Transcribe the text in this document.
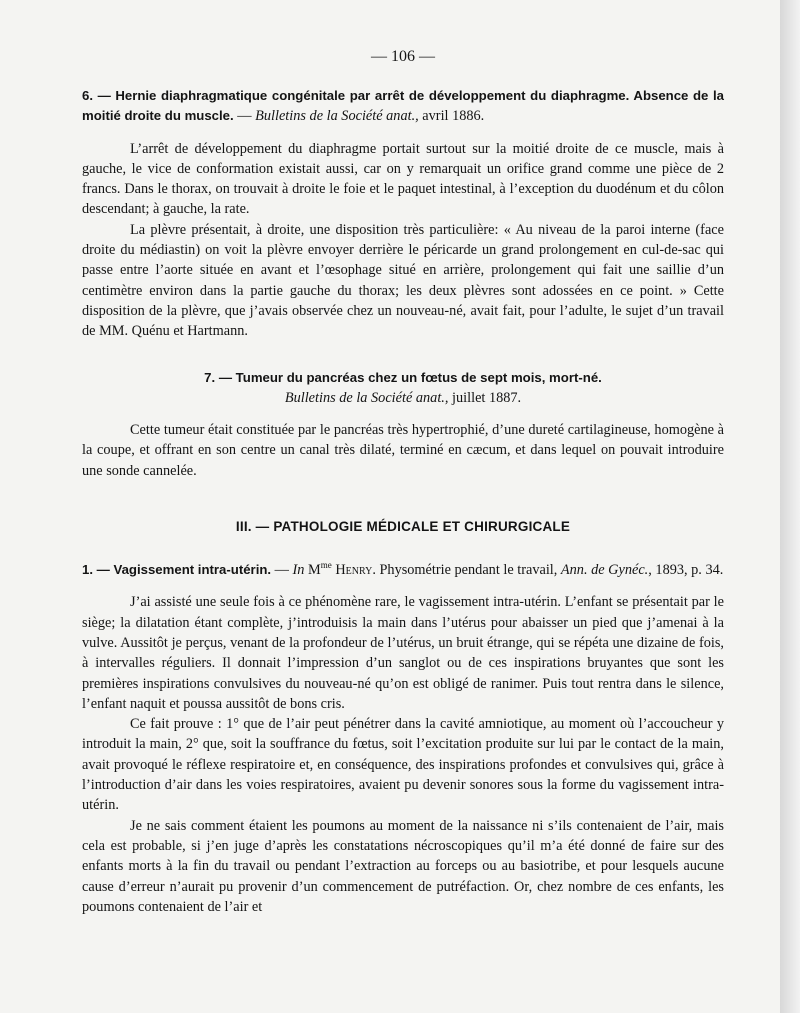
— 106 —

6. — Hernie diaphragmatique congénitale par arrêt de développement du diaphragme. Absence de la moitié droite du muscle. — Bulletins de la Société anat., avril 1886.

L’arrêt de développement du diaphragme portait surtout sur la moitié droite de ce muscle, mais à gauche, le vice de conformation existait aussi, car on y remarquait un orifice grand comme une pièce de 2 francs. Dans le thorax, on trouvait à droite le foie et le paquet intestinal, à l’exception du duodénum et du côlon descendant; à gauche, la rate.

La plèvre présentait, à droite, une disposition très particulière: « Au niveau de la paroi interne (face droite du médiastin) on voit la plèvre envoyer derrière le péricarde un grand prolongement en cul-de-sac qui passe entre l’aorte située en avant et l’œsophage situé en arrière, prolongement qui fait une saillie d’un centimètre environ dans la partie gauche du thorax; les deux plèvres sont adossées en ce point. » Cette disposition de la plèvre, que j’avais observée chez un nouveau-né, avait fait, pour l’adulte, le sujet d’un travail de MM. Quénu et Hartmann.

7. — Tumeur du pancréas chez un fœtus de sept mois, mort-né.

Bulletins de la Société anat., juillet 1887.

Cette tumeur était constituée par le pancréas très hypertrophié, d’une dureté cartilagineuse, homogène à la coupe, et offrant en son centre un canal très dilaté, terminé en cæcum, et dans lequel on pouvait introduire une sonde cannelée.

III. — PATHOLOGIE MÉDICALE ET CHIRURGICALE

1. — Vagissement intra-utérin. — In $M^{me}$ Henry. Physométrie pendant le travail, Ann. de Gynéc., 1893, p. 34.

J’ai assisté une seule fois à ce phénomène rare, le vagissement intra-utérin. L’enfant se présentait par le siège; la dilatation étant complète, j’introduisis la main dans l’utérus pour abaisser un pied que j’amenai à la vulve. Aussitôt je perçus, venant de la profondeur de l’utérus, un bruit étrange, qui se répéta une dizaine de fois, à intervalles réguliers. Il donnait l’impression d’un sanglot ou de ces inspirations bruyantes que sont les premières inspirations convulsives du nouveau-né qu’on est obligé de ranimer. Puis tout rentra dans le silence, l’enfant naquit et poussa aussitôt de bons cris.

Ce fait prouve : 1° que de l’air peut pénétrer dans la cavité amniotique, au moment où l’accoucheur y introduit la main, 2° que, soit la souffrance du fœtus, soit l’excitation produite sur lui par le contact de la main, avait provoqué le réflexe respiratoire et, en conséquence, des inspirations profondes et convulsives qui, grâce à l’introduction d’air dans les voies respiratoires, avaient pu devenir sonores sous la forme du vagissement intra-utérin.

Je ne sais comment étaient les poumons au moment de la naissance ni s’ils contenaient de l’air, mais cela est probable, si j’en juge d’après les constatations nécroscopiques qu’il m’a été donné de faire sur des enfants morts à la fin du travail ou pendant l’extraction au forceps ou au basiotribe, et pour lesquels aucune cause d’erreur n’aurait pu provenir d’un commencement de putréfaction. Or, chez nombre de ces enfants, les poumons contenaient de l’air et
